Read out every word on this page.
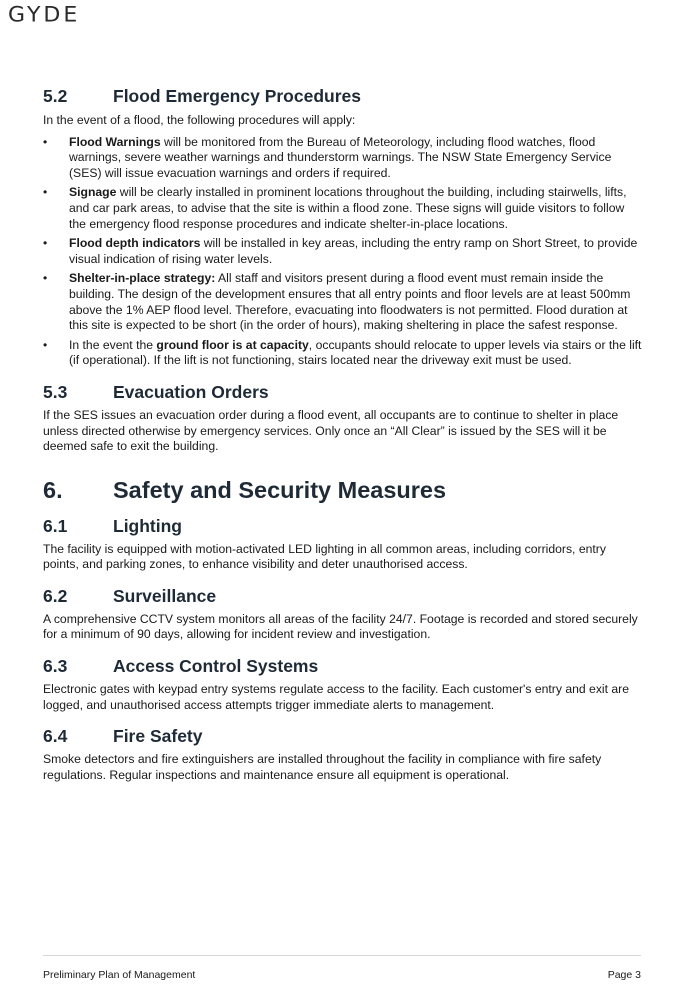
GYDE
5.2	Flood Emergency Procedures

In the event of a flood, the following procedures will apply:

• Flood Warnings will be monitored from the Bureau of Meteorology, including flood watches, flood warnings, severe weather warnings and thunderstorm warnings. The NSW State Emergency Service (SES) will issue evacuation warnings and orders if required.
• Signage will be clearly installed in prominent locations throughout the building, including stairwells, lifts, and car park areas, to advise that the site is within a flood zone. These signs will guide visitors to follow the emergency flood response procedures and indicate shelter-in-place locations.
• Flood depth indicators will be installed in key areas, including the entry ramp on Short Street, to provide visual indication of rising water levels.
• Shelter-in-place strategy: All staff and visitors present during a flood event must remain inside the building. The design of the development ensures that all entry points and floor levels are at least 500mm above the 1% AEP flood level. Therefore, evacuating into floodwaters is not permitted. Flood duration at this site is expected to be short (in the order of hours), making sheltering in place the safest response.
• In the event the ground floor is at capacity, occupants should relocate to upper levels via stairs or the lift (if operational). If the lift is not functioning, stairs located near the driveway exit must be used.
5.3	Evacuation Orders

If the SES issues an evacuation order during a flood event, all occupants are to continue to shelter in place unless directed otherwise by emergency services. Only once an “All Clear” is issued by the SES will it be deemed safe to exit the building.

6.	Safety and Security Measures
6.1	Lighting

The facility is equipped with motion-activated LED lighting in all common areas, including corridors, entry points, and parking zones, to enhance visibility and deter unauthorised access.

6.2	Surveillance

A comprehensive CCTV system monitors all areas of the facility 24/7. Footage is recorded and stored securely for a minimum of 90 days, allowing for incident review and investigation.

6.3	Access Control Systems

Electronic gates with keypad entry systems regulate access to the facility. Each customer's entry and exit are logged, and unauthorised access attempts trigger immediate alerts to management.

6.4	Fire Safety

Smoke detectors and fire extinguishers are installed throughout the facility in compliance with fire safety regulations. Regular inspections and maintenance ensure all equipment is operational.

Preliminary Plan of Management	Page 3
